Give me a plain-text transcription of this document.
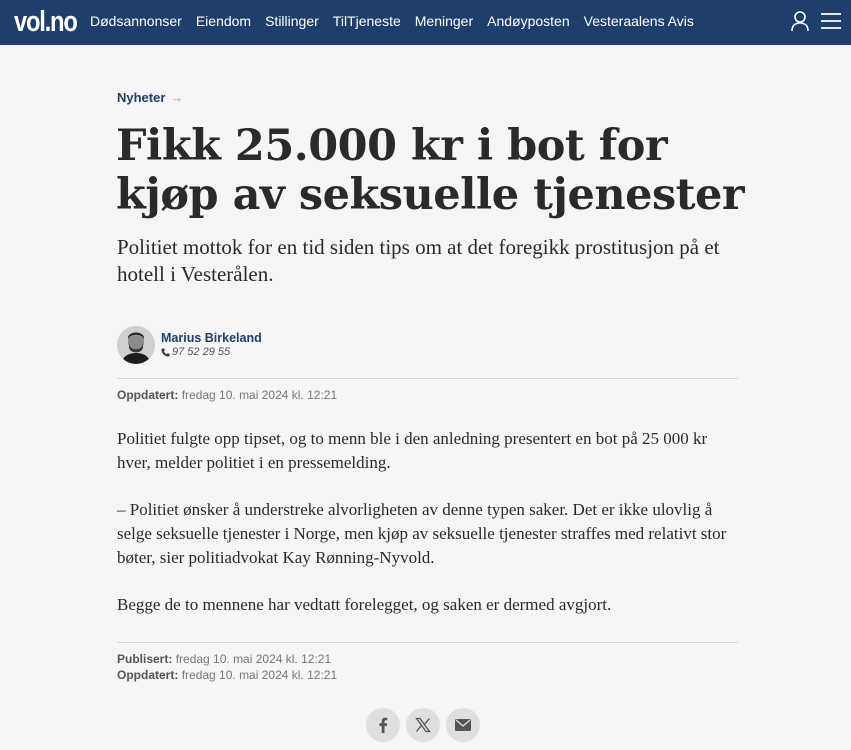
vol.no Dødsannonser Eiendom Stillinger TilTjeneste Meninger Andøyposten Vesteraalens Avis
Nyheter →
Fikk 25.000 kr i bot for kjøp av seksuelle tjenester

Politiet mottok for en tid siden tips om at det foregikk prostitusjon på et hotell i Vesterålen.

Marius Birkeland
97 52 29 55
Oppdatert: fredag 10. mai 2024 kl. 12:21

Politiet fulgte opp tipset, og to menn ble i den anledning presentert en bot på 25 000 kr hver, melder politiet i en pressemelding.

– Politiet ønsker å understreke alvorligheten av denne typen saker. Det er ikke ulovlig å selge seksuelle tjenester i Norge, men kjøp av seksuelle tjenester straffes med relativt stor bøter, sier politiadvokat Kay Rønning-Nyvold.

Begge de to mennene har vedtatt forelegget, og saken er dermed avgjort.

Publisert: fredag 10. mai 2024 kl. 12:21
Oppdatert: fredag 10. mai 2024 kl. 12:21
